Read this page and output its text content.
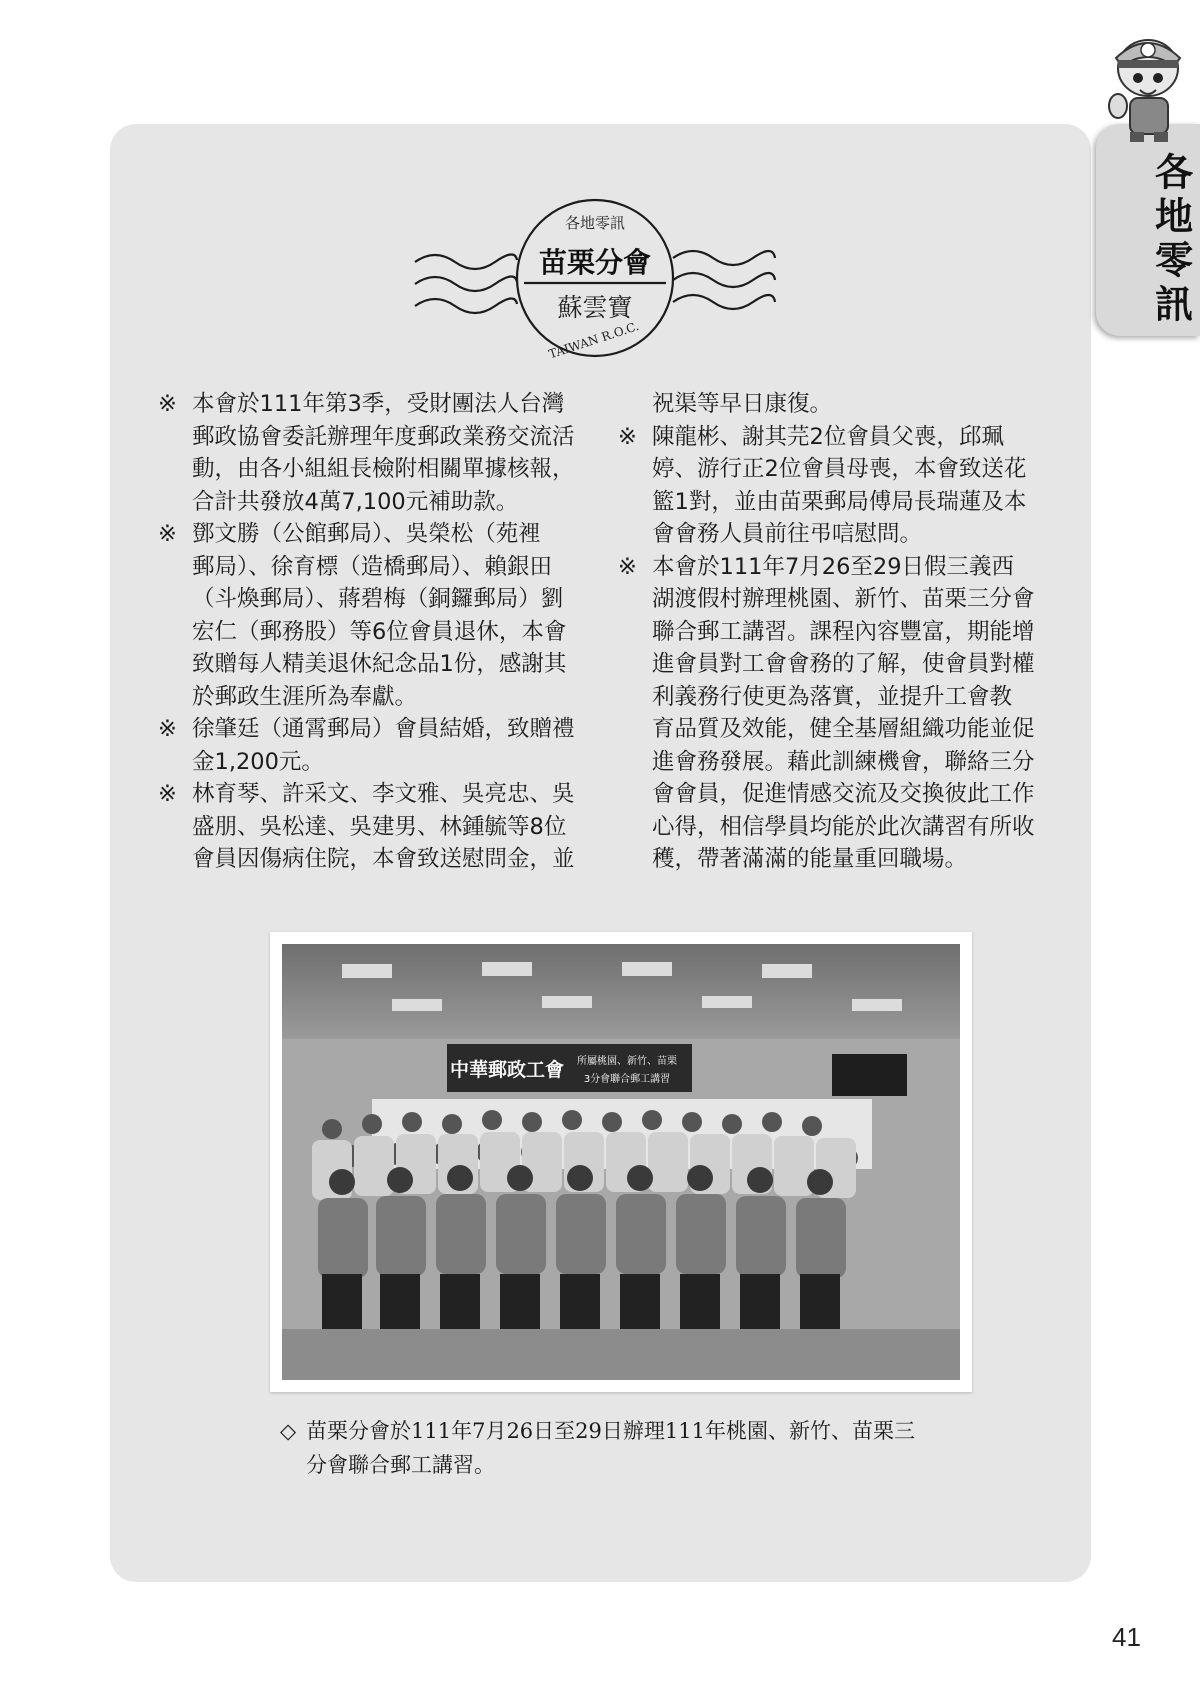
各地零訊
各地零訊
苗栗分會
蘇雲寶
TAIWAN R.O.C.
※ 本會於111年第3季，受財團法人台灣
郵政協會委託辦理年度郵政業務交流活
動，由各小組組長檢附相關單據核報，
合計共發放4萬7,100元補助款。
※ 鄧文勝（公館郵局）、吳榮松（苑裡
郵局）、徐育標（造橋郵局）、賴銀田
（斗煥郵局）、蔣碧梅（銅鑼郵局）劉
宏仁（郵務股）等6位會員退休，本會
致贈每人精美退休紀念品1份，感謝其
於郵政生涯所為奉獻。
※ 徐肇廷（通霄郵局）會員結婚，致贈禮
金1,200元。
※ 林育琴、許采文、李文雅、吳亮忠、吳
盛朋、吳松達、吳建男、林鍾毓等8位
會員因傷病住院，本會致送慰問金，並
祝渠等早日康復。
※ 陳龍彬、謝其芫2位會員父喪，邱珮
婷、游行正2位會員母喪，本會致送花
籃1對，並由苗栗郵局傅局長瑞蓮及本
會會務人員前往弔唁慰問。
※ 本會於111年7月26至29日假三義西
湖渡假村辦理桃園、新竹、苗栗三分會
聯合郵工講習。課程內容豐富，期能增
進會員對工會會務的了解，使會員對權
利義務行使更為落實，並提升工會教
育品質及效能，健全基層組織功能並促
進會務發展。藉此訓練機會，聯絡三分
會會員，促進情感交流及交換彼此工作
心得，相信學員均能於此次講習有所收
穫，帶著滿滿的能量重回職場。
中華郵政工會 所屬桃園、新竹、苗栗
3分會聯合郵工講習
◇ 苗栗分會於111年7月26日至29日辦理111年桃園、新竹、苗栗三
分會聯合郵工講習。
41
